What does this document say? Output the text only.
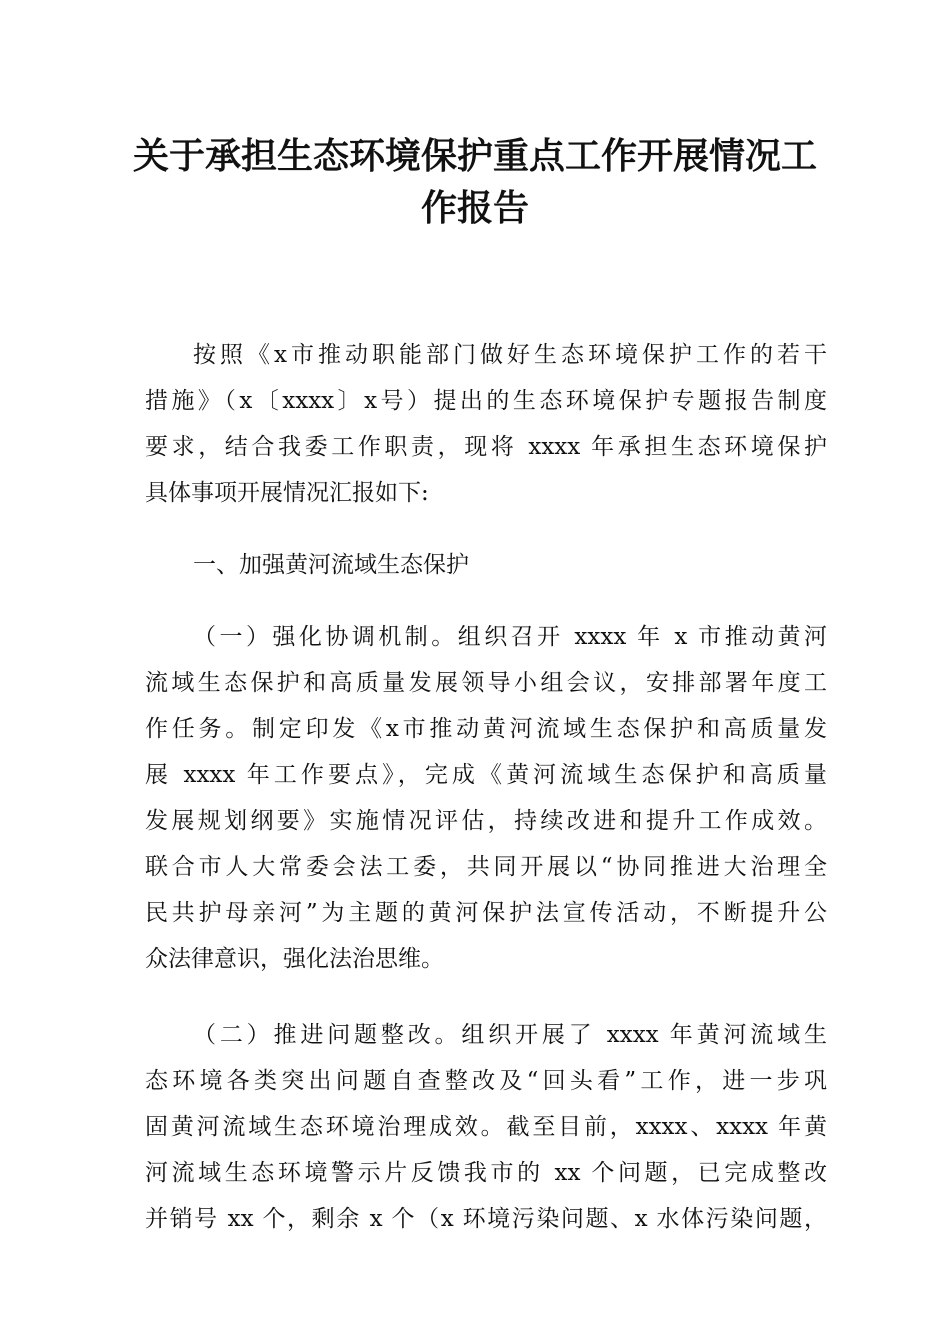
关于承担生态环境保护重点工作开展情况工
作报告
按照《x市推动职能部门做好生态环境保护工作的若干
措施》（x〔xxxx〕x号）提出的生态环境保护专题报告制度
要求，结合我委工作职责，现将 xxxx 年承担生态环境保护
具体事项开展情况汇报如下:
一、加强黄河流域生态保护
（一）强化协调机制。组织召开 xxxx 年 x 市推动黄河
流域生态保护和高质量发展领导小组会议，安排部署年度工
作任务。制定印发《x市推动黄河流域生态保护和高质量发
展 xxxx 年工作要点》，完成《黄河流域生态保护和高质量
发展规划纲要》实施情况评估，持续改进和提升工作成效。
联合市人大常委会法工委，共同开展以“协同推进大治理全
民共护母亲河”为主题的黄河保护法宣传活动，不断提升公
众法律意识，强化法治思维。
（二）推进问题整改。组织开展了 xxxx 年黄河流域生
态环境各类突出问题自查整改及“回头看”工作，进一步巩
固黄河流域生态环境治理成效。截至目前，xxxx、xxxx 年黄
河流域生态环境警示片反馈我市的 xx 个问题，已完成整改
并销号 xx 个，剩余 x 个（x 环境污染问题、x 水体污染问题，
